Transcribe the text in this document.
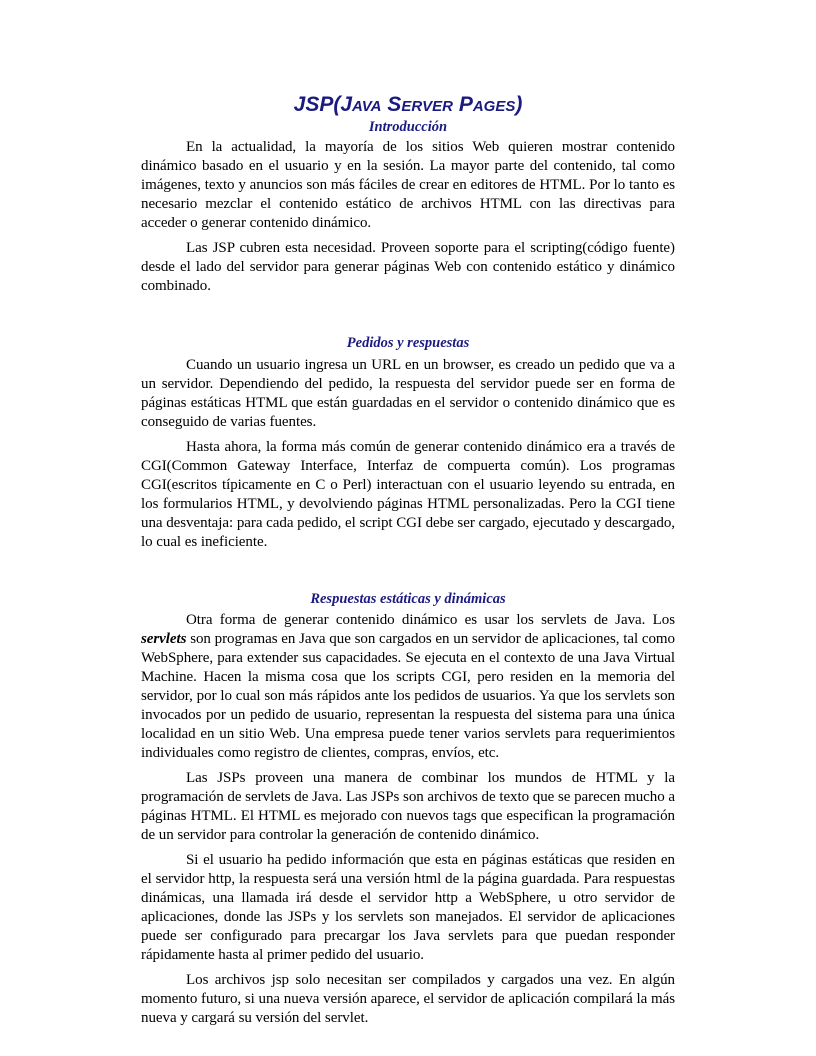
JSP(JAVA SERVER PAGES)
Introducción

En la actualidad, la mayoría de los sitios Web quieren mostrar contenido dinámico basado en el usuario y en la sesión. La mayor parte del contenido, tal como imágenes, texto y anuncios son más fáciles de crear en editores de HTML. Por lo tanto es necesario mezclar el contenido estático de archivos HTML con las directivas para acceder o generar contenido dinámico.

Las JSP cubren esta necesidad. Proveen soporte para el scripting(código fuente) desde el lado del servidor para generar páginas Web con contenido estático y dinámico combinado.

Pedidos y respuestas

Cuando un usuario ingresa un URL en un browser, es creado un pedido que va a un servidor. Dependiendo del pedido, la respuesta del servidor puede ser en forma de páginas estáticas HTML que están guardadas en el servidor o contenido dinámico que es conseguido de varias fuentes.

Hasta ahora, la forma más común de generar contenido dinámico era a través de CGI(Common Gateway Interface, Interfaz de compuerta común). Los programas CGI(escritos típicamente en C o Perl) interactuan con el usuario leyendo su entrada, en los formularios HTML, y devolviendo páginas HTML personalizadas. Pero la CGI tiene una desventaja: para cada pedido, el script CGI debe ser cargado, ejecutado y descargado, lo cual es ineficiente.

Respuestas estáticas y dinámicas

Otra forma de generar contenido dinámico es usar los servlets de Java. Los servlets son programas en Java que son cargados en un servidor de aplicaciones, tal como WebSphere, para extender sus capacidades. Se ejecuta en el contexto de una Java Virtual Machine. Hacen la misma cosa que los scripts CGI, pero residen en la memoria del servidor, por lo cual son más rápidos ante los pedidos de usuarios. Ya que los servlets son invocados por un pedido de usuario, representan la respuesta del sistema para una única localidad en un sitio Web. Una empresa puede tener varios servlets para requerimientos individuales como registro de clientes, compras, envíos, etc.

Las JSPs proveen una manera de combinar los mundos de HTML y la programación de servlets de Java. Las JSPs son archivos de texto que se parecen mucho a páginas HTML. El HTML es mejorado con nuevos tags que especifican la programación de un servidor para controlar la generación de contenido dinámico.

Si el usuario ha pedido información que esta en páginas estáticas que residen en el servidor http, la respuesta será una versión html de la página guardada. Para respuestas dinámicas, una llamada irá desde el servidor http a WebSphere, u otro servidor de aplicaciones, donde las JSPs y los servlets son manejados. El servidor de aplicaciones puede ser configurado para precargar los Java servlets para que puedan responder rápidamente hasta al primer pedido del usuario.

Los archivos jsp solo necesitan ser compilados y cargados una vez. En algún momento futuro, si una nueva versión aparece, el servidor de aplicación compilará la más nueva y cargará su versión del servlet.
